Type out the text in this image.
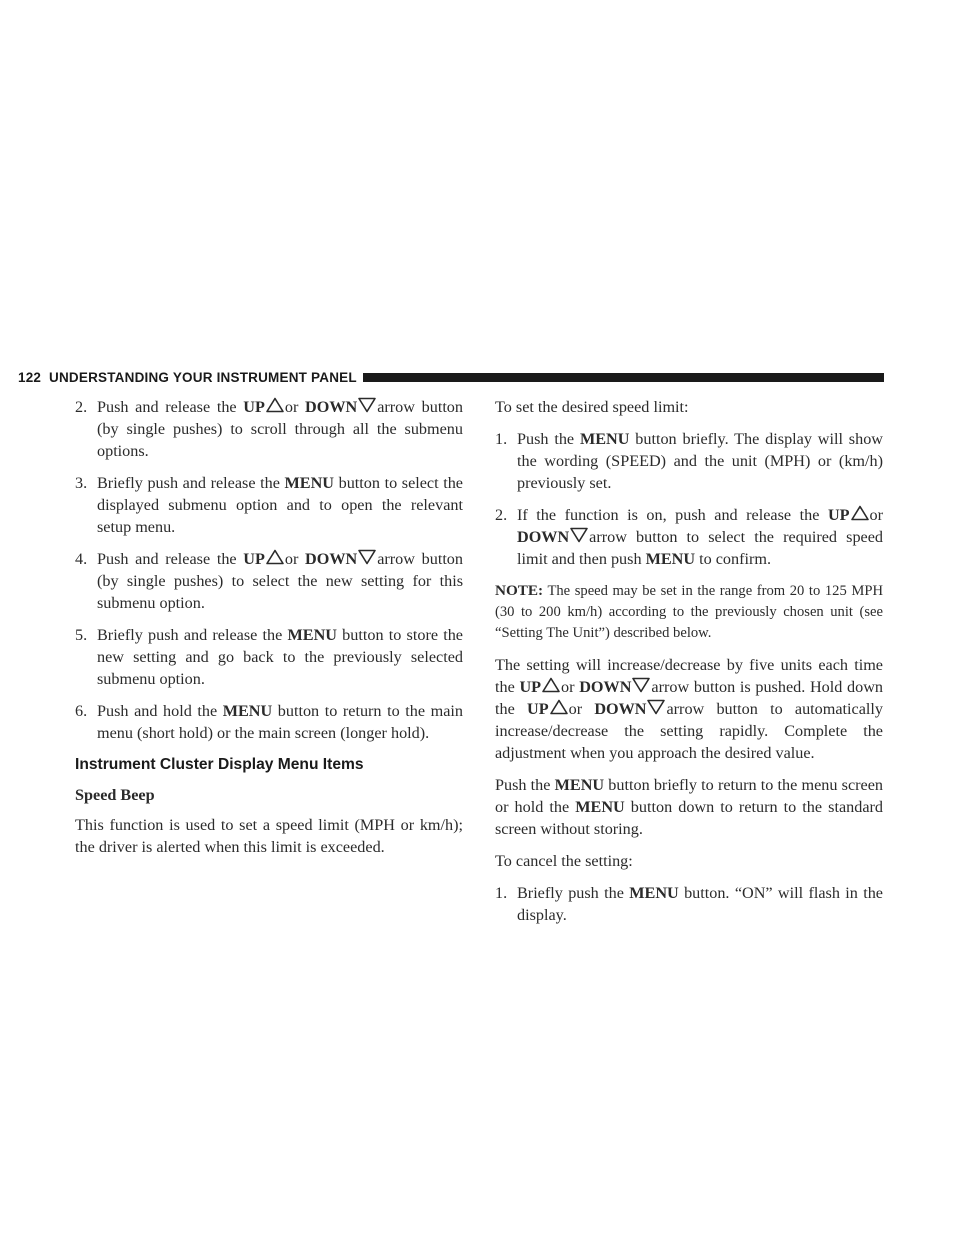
122 UNDERSTANDING YOUR INSTRUMENT PANEL
2. Push and release the UP or DOWN arrow button (by single pushes) to scroll through all the submenu options.
3. Briefly push and release the MENU button to select the displayed submenu option and to open the relevant setup menu.
4. Push and release the UP or DOWN arrow button (by single pushes) to select the new setting for this submenu option.
5. Briefly push and release the MENU button to store the new setting and go back to the previously selected submenu option.
6. Push and hold the MENU button to return to the main menu (short hold) or the main screen (longer hold).
Instrument Cluster Display Menu Items
Speed Beep

This function is used to set a speed limit (MPH or km/h); the driver is alerted when this limit is exceeded.

To set the desired speed limit:

1. Push the MENU button briefly. The display will show the wording (SPEED) and the unit (MPH) or (km/h) previously set.
2. If the function is on, push and release the UP or DOWN arrow button to select the required speed limit and then push MENU to confirm.

NOTE: The speed may be set in the range from 20 to 125 MPH (30 to 200 km/h) according to the previously chosen unit (see “Setting The Unit”) described below.

The setting will increase/decrease by five units each time the UP or DOWN arrow button is pushed. Hold down the UP or DOWN arrow button to automatically increase/decrease the setting rapidly. Complete the adjustment when you approach the desired value.

Push the MENU button briefly to return to the menu screen or hold the MENU button down to return to the standard screen without storing.

To cancel the setting:

1. Briefly push the MENU button. “ON” will flash in the display.
